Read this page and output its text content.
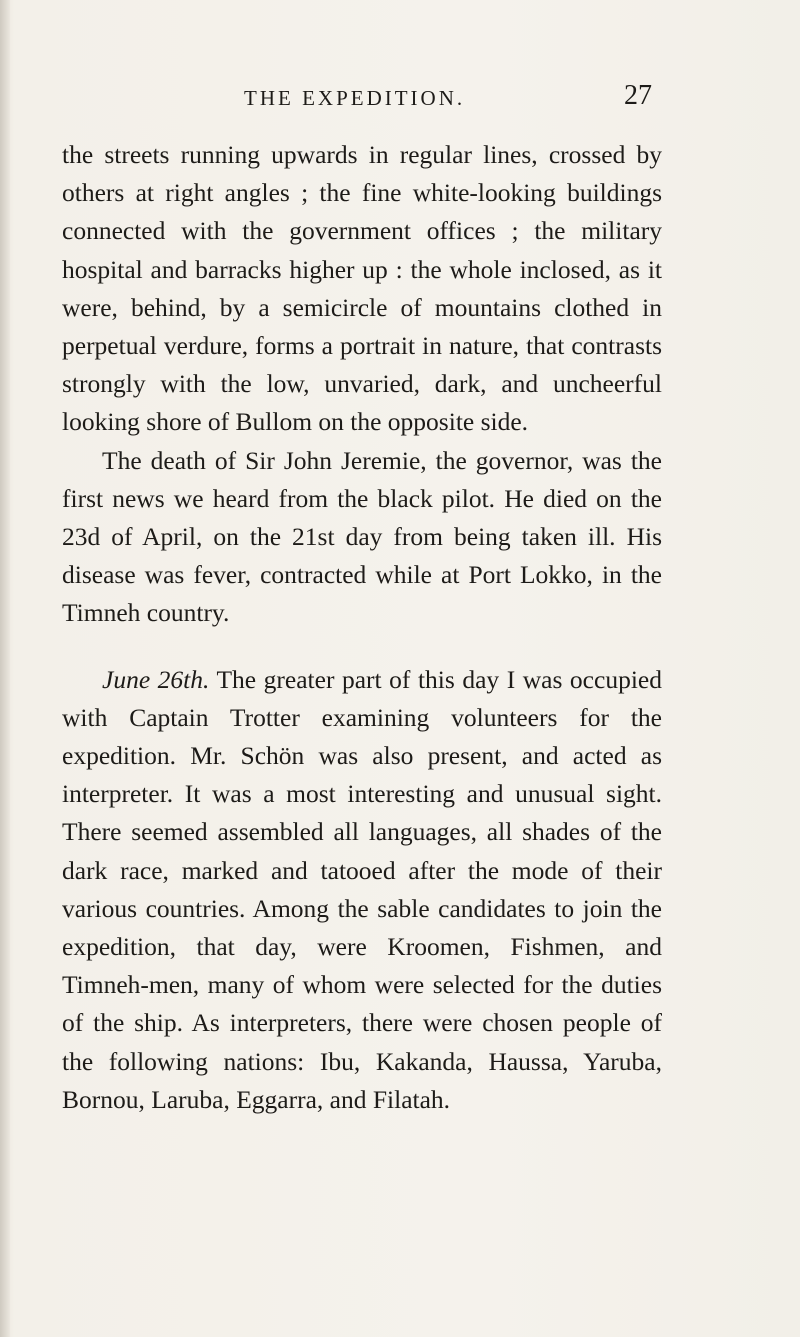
THE EXPEDITION.	27

the streets running upwards in regular lines, crossed by others at right angles ; the fine white-looking buildings connected with the government offices ; the military hospital and barracks higher up : the whole inclosed, as it were, behind, by a semicircle of mountains clothed in perpetual verdure, forms a portrait in nature, that contrasts strongly with the low, unvaried, dark, and uncheerful looking shore of Bullom on the opposite side.

The death of Sir John Jeremie, the governor, was the first news we heard from the black pilot. He died on the 23d of April, on the 21st day from being taken ill. His disease was fever, contracted while at Port Lokko, in the Timneh country.

June 26th. The greater part of this day I was occupied with Captain Trotter examining volunteers for the expedition. Mr. Schön was also present, and acted as interpreter. It was a most interesting and unusual sight. There seemed assembled all languages, all shades of the dark race, marked and tatooed after the mode of their various countries. Among the sable candidates to join the expedition, that day, were Kroomen, Fishmen, and Timneh-men, many of whom were selected for the duties of the ship. As interpreters, there were chosen people of the following nations: Ibu, Kakanda, Haussa, Yaruba, Bornou, Laruba, Eggarra, and Filatah.
